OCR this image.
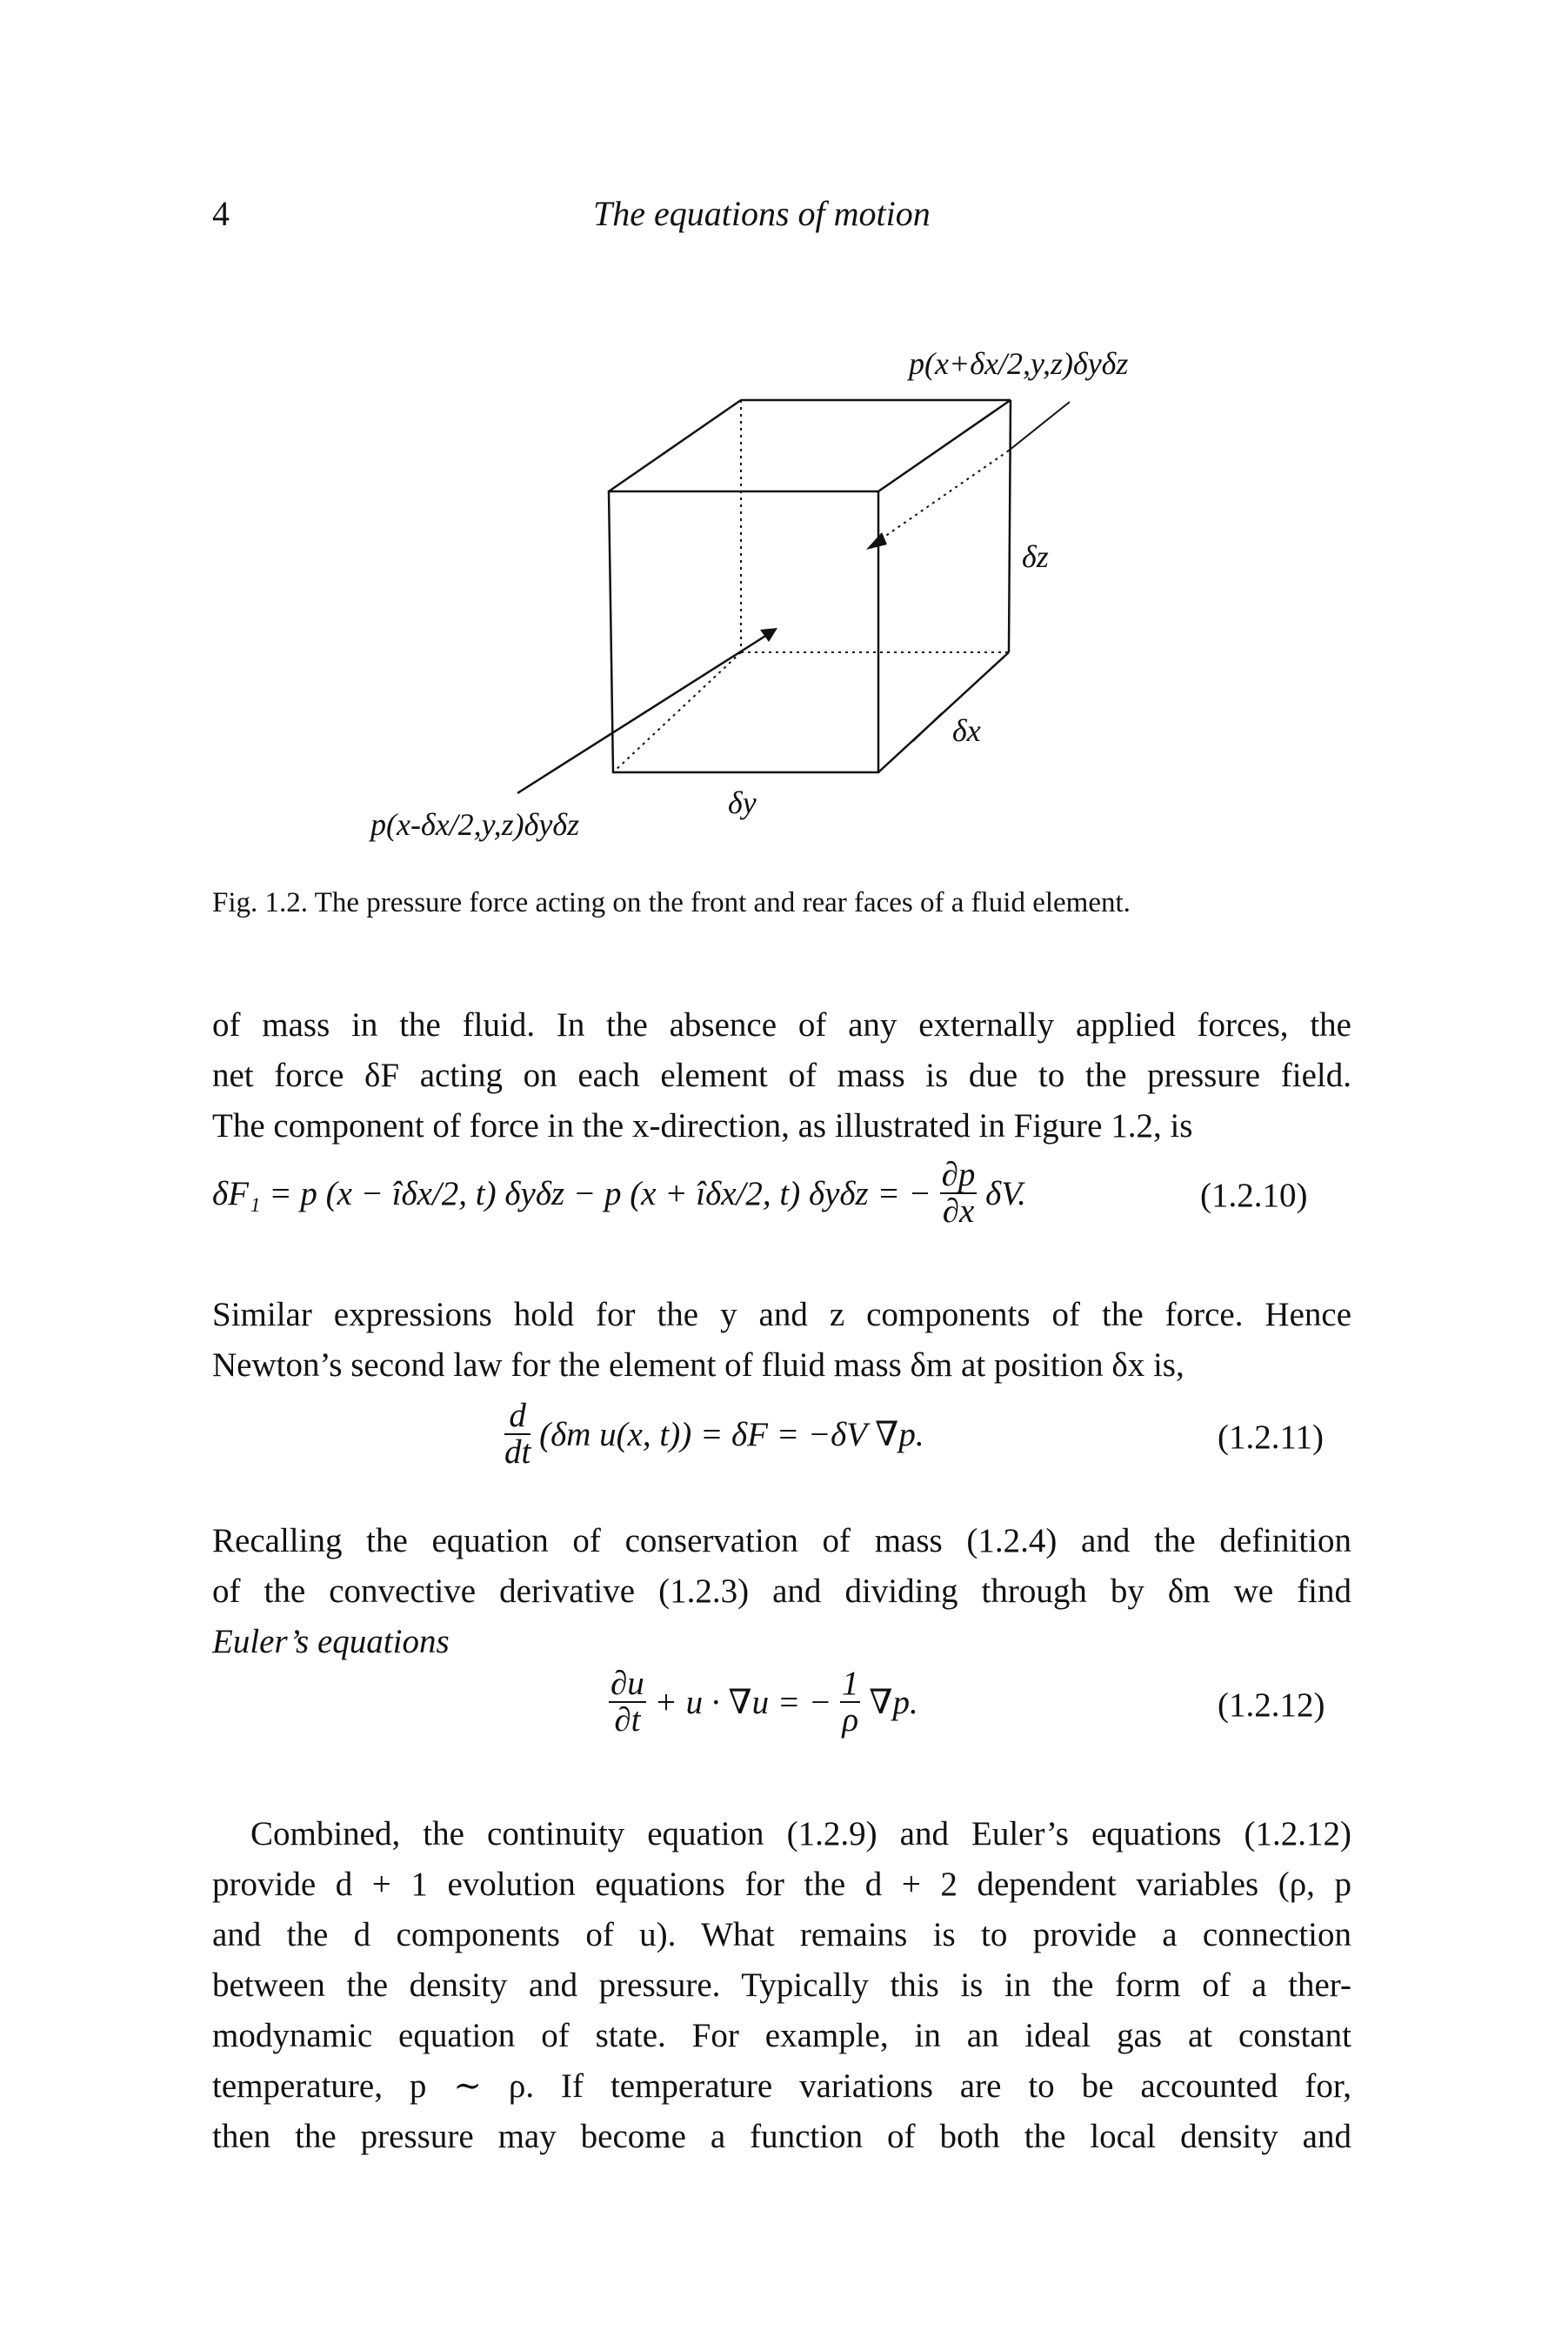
4	The equations of motion
p(x+δx/2,y,z)δyδz
δz
δx
p(x-δx/2,y,z)δyδz
δy
Fig. 1.2. The pressure force acting on the front and rear faces of a fluid element.
of mass in the fluid. In the absence of any externally applied forces, the
net force δF acting on each element of mass is due to the pressure field.
The component of force in the x-direction, as illustrated in Figure 1.2, is
δF₁ = p (x − îδx/2, t) δyδz − p (x + îδx/2, t) δyδz = − $\frac{\partial p}{\partial x} \delta V$.	(1.2.10)
Similar expressions hold for the y and z components of the force. Hence
Newton’s second law for the element of fluid mass δm at position δx is,
$\frac{d}{dt} (\delta m$ u(x, t)) = δF = −δV ∇p.	(1.2.11)
Recalling the equation of conservation of mass (1.2.4) and the definition
of the convective derivative (1.2.3) and dividing through by δm we find
Euler’s equations
$\frac{\partial u}{\partial t} + u \cdot \nabla u$ = − $\frac{1}{\rho} \nabla p$.	(1.2.12)
Combined, the continuity equation (1.2.9) and Euler’s equations (1.2.12)
provide d + 1 evolution equations for the d + 2 dependent variables (ρ, p
and the d components of u). What remains is to provide a connection
between the density and pressure. Typically this is in the form of a ther-
modynamic equation of state. For example, in an ideal gas at constant
temperature, p ∼ ρ. If temperature variations are to be accounted for,
then the pressure may become a function of both the local density and
